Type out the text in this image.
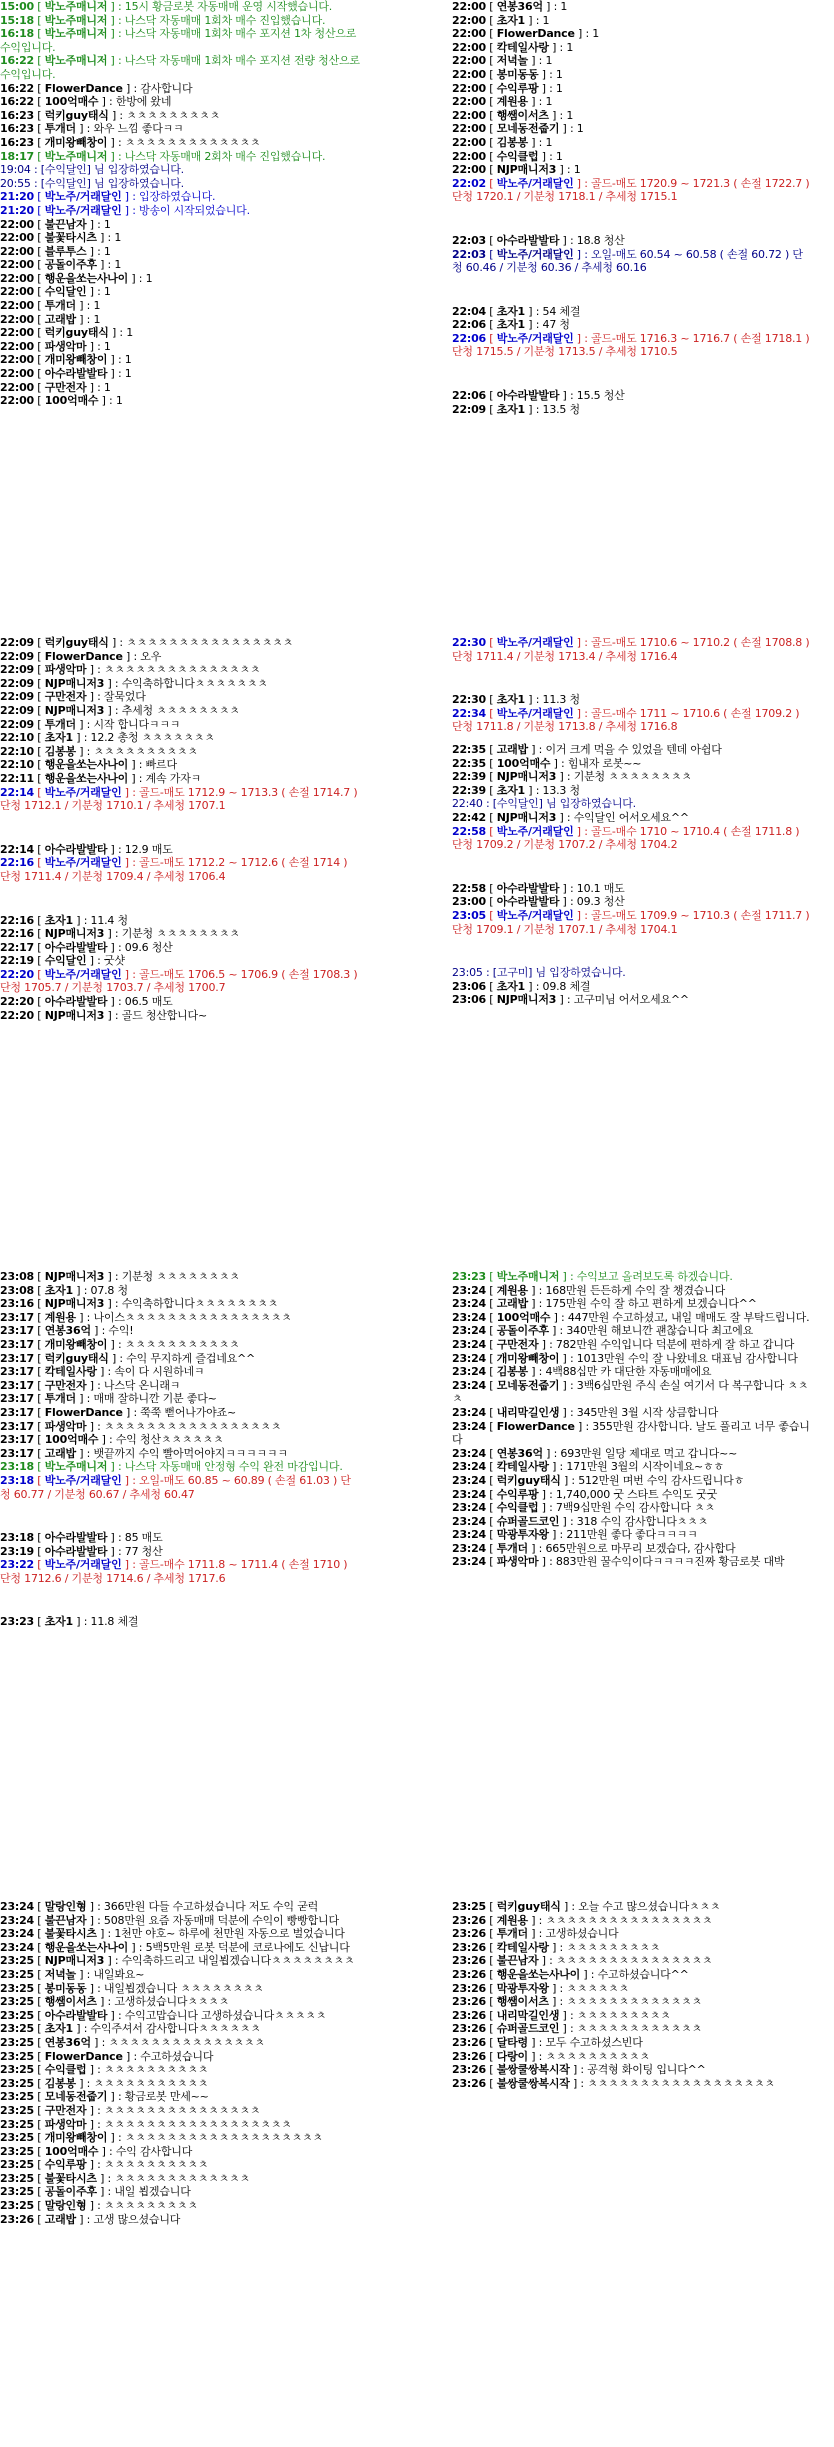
15:00 [ 박노주매니저 ] : 15시 황금로봇 자동매매 운영 시작했습니다.

15:18 [ 박노주매니저 ] : 나스닥 자동매매 1회차 매수 진입했습니다.

16:18 [ 박노주매니저 ] : 나스닥 자동매매 1회차 매수 포지션 1차 청산으로 수익입니다.

16:22 [ 박노주매니저 ] : 나스닥 자동매매 1회차 매수 포지션 전량 청산으로 수익입니다.

16:22 [ FlowerDance ] : 감사합니다

16:22 [ 100억매수 ] : 한방에 왔네

16:23 [ 럭키guy태식 ] : ㅊㅊㅊㅊㅊㅊㅊㅊㅊ

16:23 [ 투개더 ] : 와우 느낌 좋다ㅋㅋ

16:23 [ 개미왕빼창이 ] : ㅊㅊㅊㅊㅊㅊㅊㅊㅊㅊㅊㅊㅊ

18:17 [ 박노주매니저 ] : 나스닥 자동매매 2회차 매수 진입했습니다.

19:04 : [수익달인] 님 입장하였습니다.

20:55 : [수익달인] 님 입장하였습니다.

21:20 [ 박노주/거래달인 ] : 입장하였습니다.

21:20 [ 박노주/거래달인 ] : 방송이 시작되었습니다.

22:00 [ 불끈남자 ] : 1

22:00 [ 불꽃타시츠 ] : 1

22:00 [ 블루투스 ] : 1

22:00 [ 공돌이주후 ] : 1

22:00 [ 행운을쏘는사나이 ] : 1

22:00 [ 수익달인 ] : 1

22:00 [ 투개더 ] : 1

22:00 [ 고래밥 ] : 1

22:00 [ 럭키guy태식 ] : 1

22:00 [ 파생악마 ] : 1

22:00 [ 개미왕빼창이 ] : 1

22:00 [ 아수라발발타 ] : 1

22:00 [ 구만전자 ] : 1

22:00 [ 100억매수 ] : 1

22:00 [ 연봉36억 ] : 1

22:00 [ 초자1 ] : 1

22:00 [ FlowerDance ] : 1

22:00 [ 칵테일사랑 ] : 1

22:00 [ 저녁놀 ] : 1

22:00 [ 봉미동동 ] : 1

22:00 [ 수익루팡 ] : 1

22:00 [ 계원용 ] : 1

22:00 [ 행쌤이서츠 ] : 1

22:00 [ 모네동전줍기 ] : 1

22:00 [ 김봉봉 ] : 1

22:00 [ 수익클럽 ] : 1

22:00 [ NJP매니저3 ] : 1

22:02 [ 박노주/거래달인 ] : 골드-매도 1720.9 ~ 1721.3 ( 손절 1722.7 ) 단청 1720.1 / 기분청 1718.1 / 추세청 1715.1

22:03 [ 아수라발발타 ] : 18.8 청산

22:03 [ 박노주/거래달인 ] : 오일-매도 60.54 ~ 60.58 ( 손절 60.72 ) 단청 60.46 / 기분청 60.36 / 추세청 60.16

22:04 [ 초자1 ] : 54 체결

22:06 [ 초자1 ] : 47 청

22:06 [ 박노주/거래달인 ] : 골드-매도 1716.3 ~ 1716.7 ( 손절 1718.1 ) 단청 1715.5 / 기분청 1713.5 / 추세청 1710.5

22:06 [ 아수라발발타 ] : 15.5 청산

22:09 [ 초자1 ] : 13.5 청

22:09 [ 럭키guy태식 ] : ㅊㅊㅊㅊㅊㅊㅊㅊㅊㅊㅊㅊㅊㅊㅊㅊ

22:09 [ FlowerDance ] : 오우

22:09 [ 파생악마 ] : ㅊㅊㅊㅊㅊㅊㅊㅊㅊㅊㅊㅊㅊㅊㅊ

22:09 [ NJP매니저3 ] : 수익축하합니다ㅊㅊㅊㅊㅊㅊㅊ

22:09 [ 구만전자 ] : 잘묵었다

22:09 [ NJP매니저3 ] : 추세청 ㅊㅊㅊㅊㅊㅊㅊㅊ

22:09 [ 투개더 ] : 시작 합니다ㅋㅋㅋ

22:10 [ 초자1 ] : 12.2 총청 ㅊㅊㅊㅊㅊㅊㅊ

22:10 [ 김봉봉 ] : ㅊㅊㅊㅊㅊㅊㅊㅊㅊㅊ

22:10 [ 행운을쏘는사나이 ] : 빠르다

22:11 [ 행운을쏘는사나이 ] : 계속 가자ㅋ

22:14 [ 박노주/거래달인 ] : 골드-매도 1712.9 ~ 1713.3 ( 손절 1714.7 ) 단청 1712.1 / 기분청 1710.1 / 추세청 1707.1

22:14 [ 아수라발발타 ] : 12.9 매도

22:16 [ 박노주/거래달인 ] : 골드-매도 1712.2 ~ 1712.6 ( 손절 1714 ) 단청 1711.4 / 기분청 1709.4 / 추세청 1706.4

22:16 [ 초자1 ] : 11.4 청

22:16 [ NJP매니저3 ] : 기분청 ㅊㅊㅊㅊㅊㅊㅊㅊ

22:17 [ 아수라발발타 ] : 09.6 청산

22:19 [ 수익달인 ] : 굿샷

22:20 [ 박노주/거래달인 ] : 골드-매도 1706.5 ~ 1706.9 ( 손절 1708.3 ) 단청 1705.7 / 기분청 1703.7 / 추세청 1700.7

22:20 [ 아수라발발타 ] : 06.5 매도

22:20 [ NJP매니저3 ] : 골드 청산합니다~

22:30 [ 박노주/거래달인 ] : 골드-매도 1710.6 ~ 1710.2 ( 손절 1708.8 ) 단청 1711.4 / 기분청 1713.4 / 추세청 1716.4

22:30 [ 초자1 ] : 11.3 청

22:34 [ 박노주/거래달인 ] : 골드-매수 1711 ~ 1710.6 ( 손절 1709.2 ) 단청 1711.8 / 기분청 1713.8 / 추세청 1716.8

22:35 [ 고래밥 ] : 이거 크게 먹을 수 있었을 텐데 아쉽다

22:35 [ 100억매수 ] : 힘내자 로봇~~

22:39 [ NJP매니저3 ] : 기분청 ㅊㅊㅊㅊㅊㅊㅊㅊ

22:39 [ 초자1 ] : 13.3 청

22:40 : [수익달인] 님 입장하였습니다.

22:42 [ NJP매니저3 ] : 수익달인 어서오세요^^

22:58 [ 박노주/거래달인 ] : 골드-매수 1710 ~ 1710.4 ( 손절 1711.8 ) 단청 1709.2 / 기분청 1707.2 / 추세청 1704.2

22:58 [ 아수라발발타 ] : 10.1 매도

23:00 [ 아수라발발타 ] : 09.3 청산

23:05 [ 박노주/거래달인 ] : 골드-매도 1709.9 ~ 1710.3 ( 손절 1711.7 ) 단청 1709.1 / 기분청 1707.1 / 추세청 1704.1

23:05 : [고구미] 님 입장하였습니다.

23:06 [ 초자1 ] : 09.8 체결

23:06 [ NJP매니저3 ] : 고구미님 어서오세요^^

23:08 [ NJP매니저3 ] : 기분청 ㅊㅊㅊㅊㅊㅊㅊㅊ

23:08 [ 초자1 ] : 07.8 청

23:16 [ NJP매니저3 ] : 수익축하합니다ㅊㅊㅊㅊㅊㅊㅊㅊ

23:17 [ 계원용 ] : 나이스ㅊㅊㅊㅊㅊㅊㅊㅊㅊㅊㅊㅊㅊㅊㅊㅊ

23:17 [ 연봉36억 ] : 수익!

23:17 [ 개미왕빼창이 ] : ㅊㅊㅊㅊㅊㅊㅊㅊㅊㅊㅊ

23:17 [ 럭키guy태식 ] : 수익 무지하게 즐겁네요^^

23:17 [ 칵테일사랑 ] : 속이 다 시원하네ㅋ

23:17 [ 구만전자 ] : 나스닥 온니래ㅋ

23:17 [ 투개더 ] : 매매 잘하니깐 기분 좋다~

23:17 [ FlowerDance ] : 쭉쭉 뻗어나가야죠~

23:17 [ 파생악마 ] : ㅊㅊㅊㅊㅊㅊㅊㅊㅊㅊㅊㅊㅊㅊㅊㅊㅊ

23:17 [ 100억매수 ] : 수익 청산ㅊㅊㅊㅊㅊㅊ

23:17 [ 고래밥 ] : 뱃끝까지 수익 빨아먹어야지ㅋㅋㅋㅋㅋㅋ

23:18 [ 박노주매니저 ] : 나스닥 자동매매 안정형 수익 완전 마감입니다.

23:18 [ 박노주/거래달인 ] : 오일-매도 60.85 ~ 60.89 ( 손절 61.03 ) 단청 60.77 / 기분청 60.67 / 추세청 60.47

23:18 [ 아수라발발타 ] : 85 매도

23:19 [ 아수라발발타 ] : 77 청산

23:22 [ 박노주/거래달인 ] : 골드-매수 1711.8 ~ 1711.4 ( 손절 1710 ) 단청 1712.6 / 기분청 1714.6 / 추세청 1717.6

23:23 [ 초자1 ] : 11.8 체결

23:23 [ 박노주매니저 ] : 수익보고 올려보도록 하겠습니다.

23:24 [ 계원용 ] : 168만원 든든하게 수익 잘 챙겼습니다

23:24 [ 고래밥 ] : 175만원 수익 잘 하고 편하게 보겠습니다^^

23:24 [ 100억매수 ] : 447만원 수고하셨고, 내일 매매도 잘 부탁드립니다.

23:24 [ 공돌이주후 ] : 340만원 해보니깐 괜찮습니다 최고에요

23:24 [ 구만전자 ] : 782만원 수익입니다 덕분에 편하게 잘 하고 갑니다

23:24 [ 개미왕빼창이 ] : 1013만원 수익 잘 나왔네요 대표님 감사합니다

23:24 [ 김봉봉 ] : 4백88십만 카 대단한 자동매매에요

23:24 [ 모네동전줍기 ] : 3백6십만원 주식 손실 여기서 다 복구합니다 ㅊㅊㅊ

23:24 [ 내리막길인생 ] : 345만원 3월 시작 상큼합니다

23:24 [ FlowerDance ] : 355만원 감사합니다. 날도 풀리고 너무 좋습니다

23:24 [ 연봉36억 ] : 693만원 일당 제대로 먹고 갑니다~~

23:24 [ 칵테일사랑 ] : 171만원 3월의 시작이네요~ㅎㅎ

23:24 [ 럭키guy태식 ] : 512만원 며번 수익 감사드립니다ㅎ

23:24 [ 수익루팡 ] : 1,740,000 굿 스타트 수익도 굿굿

23:24 [ 수익클럽 ] : 7백9십만원 수익 감사합니다 ㅊㅊ

23:24 [ 슈퍼골드코인 ] : 318 수익 감사합니다ㅊㅊㅊ

23:24 [ 막광투자왕 ] : 211만원 좋다 좋다ㅋㅋㅋㅋ

23:24 [ 투개더 ] : 665만원으로 마무리 보겠습다, 감사합다

23:24 [ 파생악마 ] : 883만원 꿀수익이다ㅋㅋㅋㅋ진짜 황금로봇 대박

23:24 [ 말랑인형 ] : 366만원 다들 수고하셨습니다 저도 수익 굳럭

23:24 [ 불끈남자 ] : 508만원 요즘 자동매매 덕분에 수익이 빵빵합니다

23:24 [ 불꽃타시츠 ] : 1천만 야호~ 하루에 천만원 자동으로 벌었습니다

23:24 [ 행운을쏘는사나이 ] : 5백5만원 로봇 덕분에 코로나에도 신납니다

23:25 [ NJP매니저3 ] : 수익축하드리고 내일뵙겠습니다ㅊㅊㅊㅊㅊㅊㅊㅊ

23:25 [ 저녁놀 ] : 내일봐요~

23:25 [ 봉미동동 ] : 내일뵙겠습니다 ㅊㅊㅊㅊㅊㅊㅊㅊ

23:25 [ 행쌤이서츠 ] : 고생하셨습니다ㅊㅊㅊㅊ

23:25 [ 아수라발발타 ] : 수익고맙습니다 고생하셨습니다ㅊㅊㅊㅊㅊ

23:25 [ 초자1 ] : 수익주셔서 감사합니다ㅊㅊㅊㅊㅊㅊ

23:25 [ 연봉36억 ] : ㅊㅊㅊㅊㅊㅊㅊㅊㅊㅊㅊㅊㅊㅊㅊ

23:25 [ FlowerDance ] : 수고하셨습니다

23:25 [ 수익클럽 ] : ㅊㅊㅊㅊㅊㅊㅊㅊㅊㅊ

23:25 [ 김봉봉 ] : ㅊㅊㅊㅊㅊㅊㅊㅊㅊㅊㅊ

23:25 [ 모네동전줍기 ] : 황금로봇 만세~~

23:25 [ 구만전자 ] : ㅊㅊㅊㅊㅊㅊㅊㅊㅊㅊㅊㅊㅊㅊㅊ

23:25 [ 파생악마 ] : ㅊㅊㅊㅊㅊㅊㅊㅊㅊㅊㅊㅊㅊㅊㅊㅊㅊㅊ

23:25 [ 개미왕빼창이 ] : ㅊㅊㅊㅊㅊㅊㅊㅊㅊㅊㅊㅊㅊㅊㅊㅊㅊㅊㅊ

23:25 [ 100억매수 ] : 수익 감사합니다

23:25 [ 수익루팡 ] : ㅊㅊㅊㅊㅊㅊㅊㅊㅊㅊ

23:25 [ 불꽃타시츠 ] : ㅊㅊㅊㅊㅊㅊㅊㅊㅊㅊㅊㅊㅊ

23:25 [ 공돌이주후 ] : 내일 뵙겠습니다

23:25 [ 말랑인형 ] : ㅊㅊㅊㅊㅊㅊㅊㅊㅊ

23:26 [ 고래밥 ] : 고생 많으셨습니다

23:25 [ 럭키guy태식 ] : 오늘 수고 많으셨습니다ㅊㅊㅊ

23:26 [ 계원용 ] : ㅊㅊㅊㅊㅊㅊㅊㅊㅊㅊㅊㅊㅊㅊㅊㅊ

23:26 [ 투개더 ] : 고생하셨습니다

23:26 [ 칵테일사랑 ] : ㅊㅊㅊㅊㅊㅊㅊㅊㅊ

23:26 [ 불끈남자 ] : ㅊㅊㅊㅊㅊㅊㅊㅊㅊㅊㅊㅊㅊㅊㅊ

23:26 [ 행운을쏘는사나이 ] : 수고하셨습니다^^

23:26 [ 막광투자왕 ] : ㅊㅊㅊㅊㅊㅊ

23:26 [ 행쌤이서츠 ] : ㅊㅊㅊㅊㅊㅊㅊㅊㅊㅊㅊㅊㅊ

23:26 [ 내리막길인생 ] : ㅊㅊㅊㅊㅊㅊㅊㅊㅊ

23:26 [ 슈퍼골드코인 ] : ㅊㅊㅊㅊㅊㅊㅊㅊㅊㅊㅊㅊ

23:26 [ 달타령 ] : 모두 수고하셨스빈다

23:26 [ 다랑이 ] : ㅊㅊㅊㅊㅊㅊㅊㅊㅊㅊ

23:26 [ 불쌍쿨쌍복시작 ] : 공격형 화이팅 입니다^^

23:26 [ 불쌍쿨쌍복시작 ] : ㅊㅊㅊㅊㅊㅊㅊㅊㅊㅊㅊㅊㅊㅊㅊㅊㅊㅊ
